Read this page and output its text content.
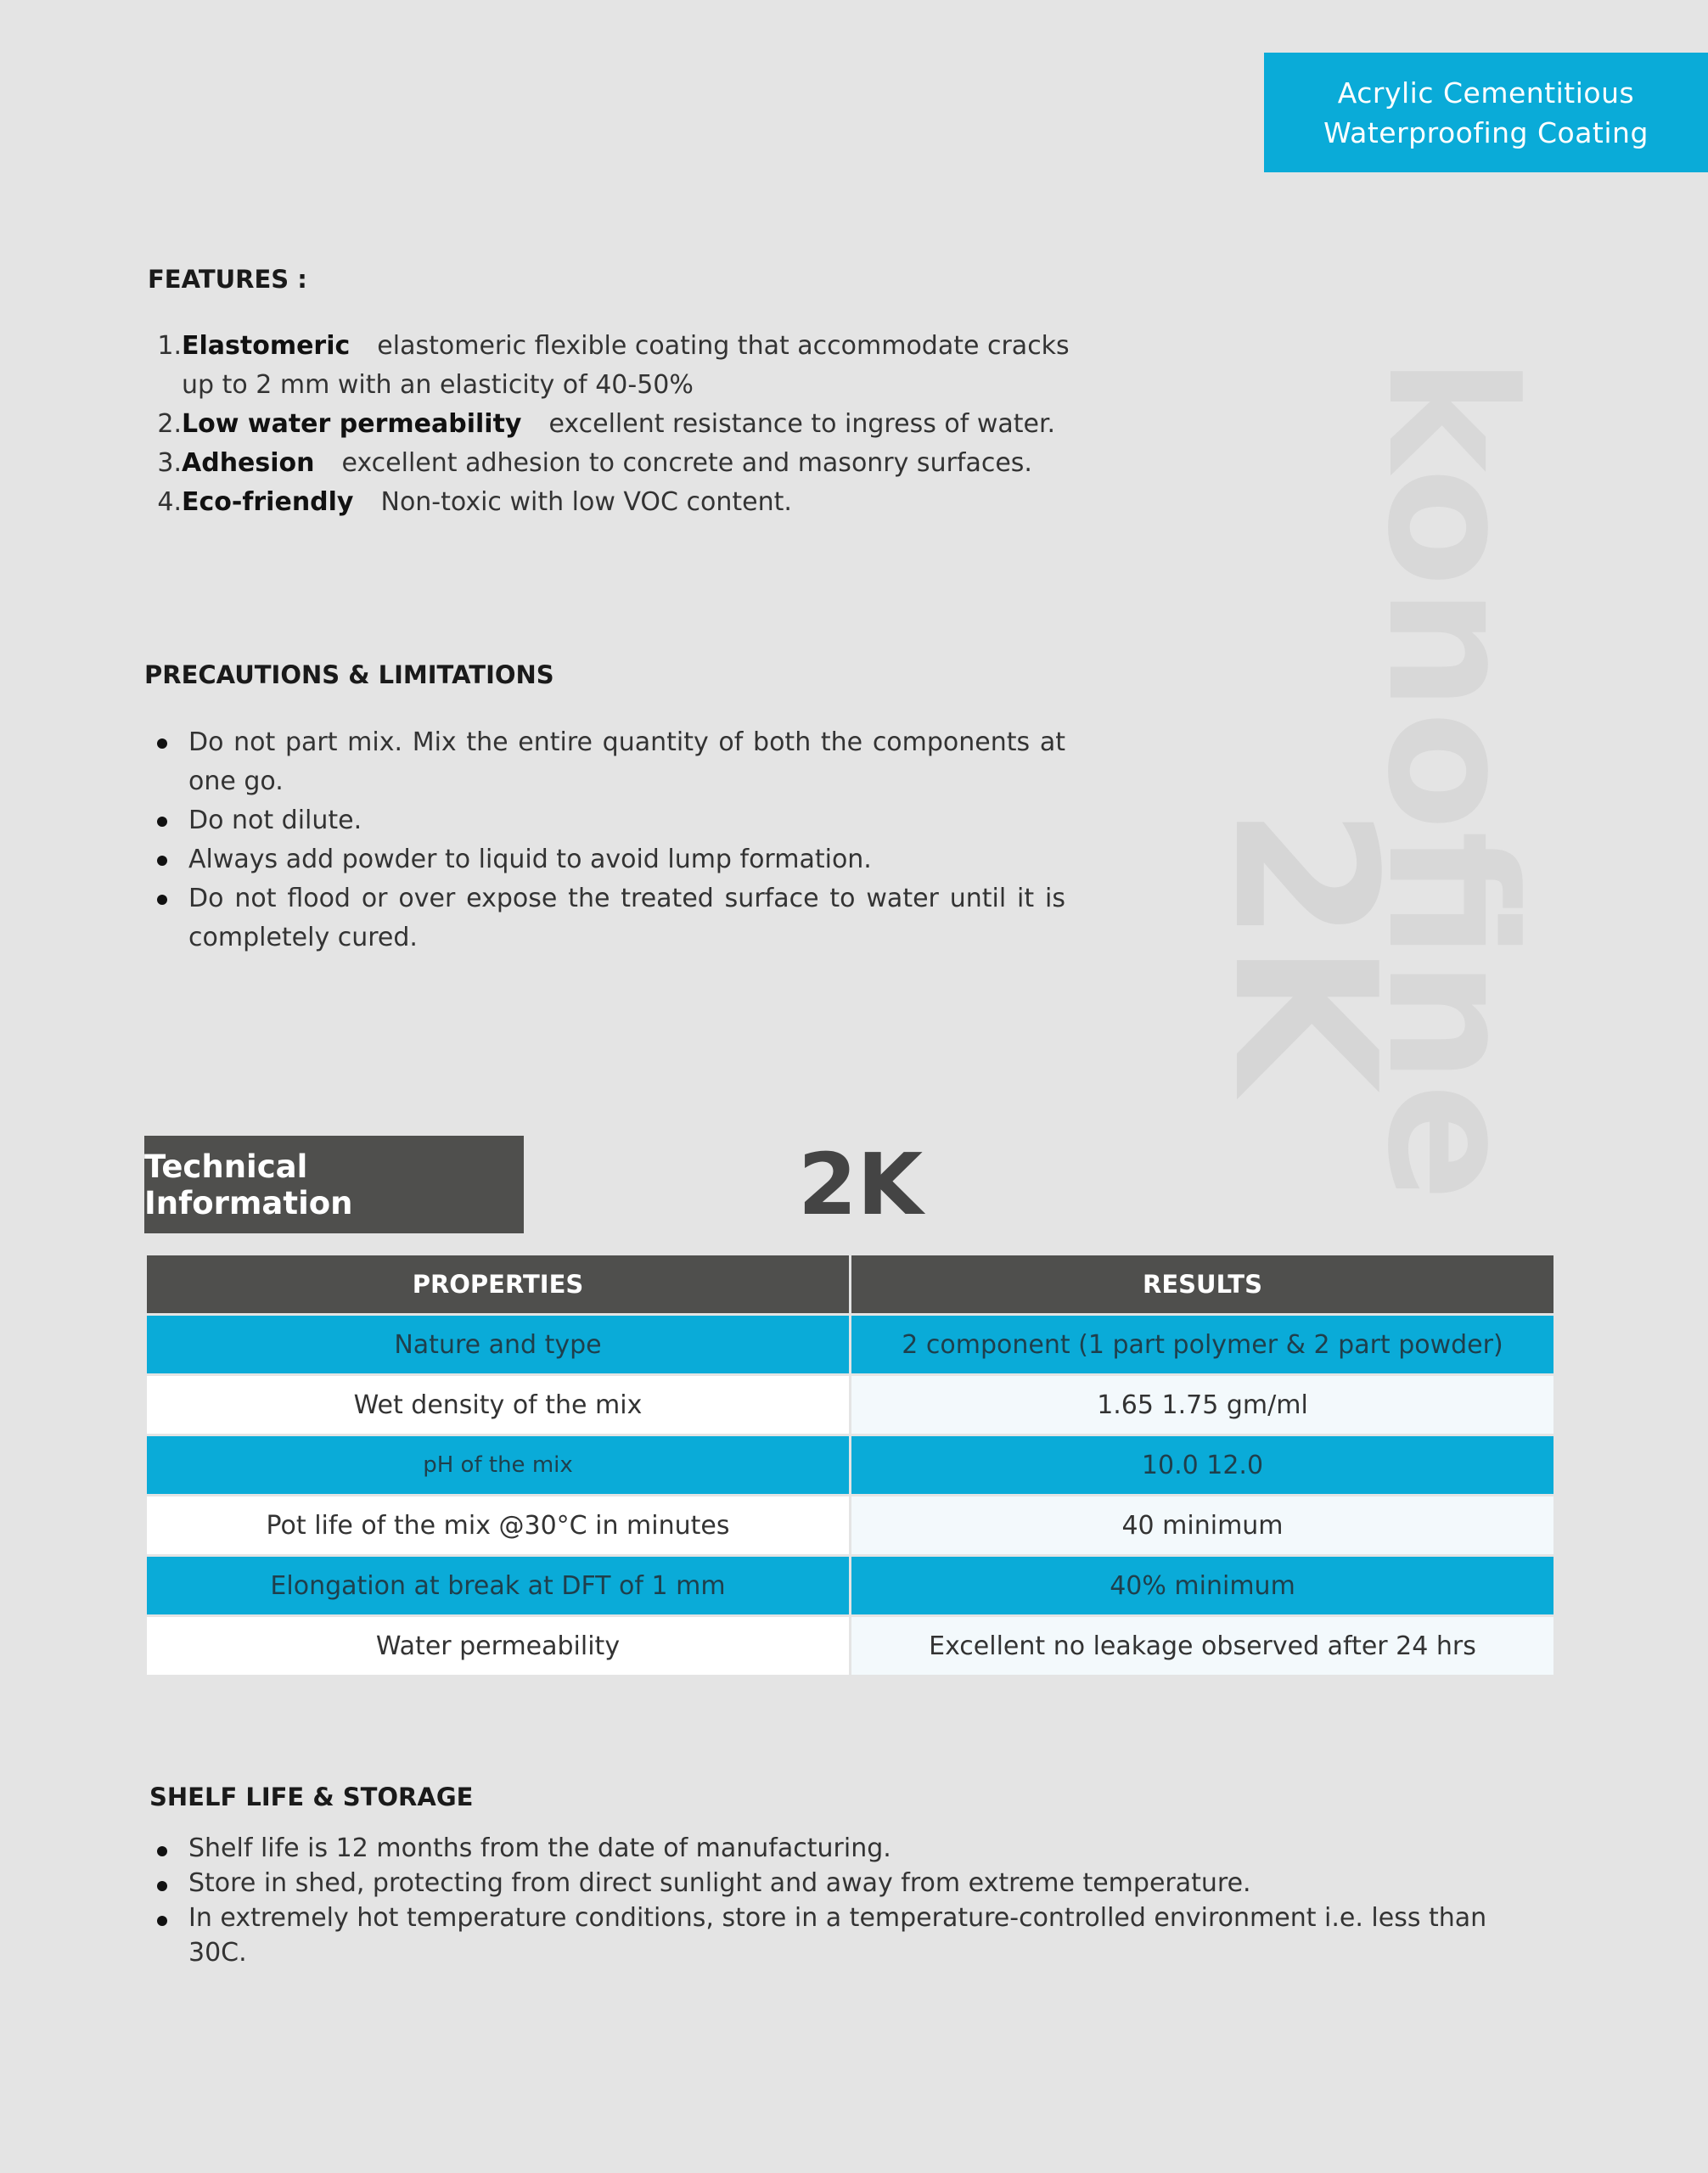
Acrylic Cementitious
Waterproofing Coating
konofine
2K
FEATURES :
1. Elastomeric elastomeric flexible coating that accommodate cracks up to 2 mm with an elasticity of 40-50%
2. Low water permeability excellent resistance to ingress of water.
3. Adhesion excellent adhesion to concrete and masonry surfaces.
4. Eco-friendly Non-toxic with low VOC content.
PRECAUTIONS & LIMITATIONS
Do not part mix. Mix the entire quantity of both the components at one go.
Do not dilute.
Always add powder to liquid to avoid lump formation.
Do not flood or over expose the treated surface to water until it is completely cured.
Technical Information	2K
PROPERTIES	RESULTS
Nature and type	2 component (1 part polymer & 2 part powder)
Wet density of the mix	1.65 1.75 gm/ml
pH of the mix	10.0 12.0
Pot life of the mix @30°C in minutes	40 minimum
Elongation at break at DFT of 1 mm	40% minimum
Water permeability	Excellent no leakage observed after 24 hrs
SHELF LIFE & STORAGE
Shelf life is 12 months from the date of manufacturing.
Store in shed, protecting from direct sunlight and away from extreme temperature.
In extremely hot temperature conditions, store in a temperature-controlled environment i.e. less than 30C.
